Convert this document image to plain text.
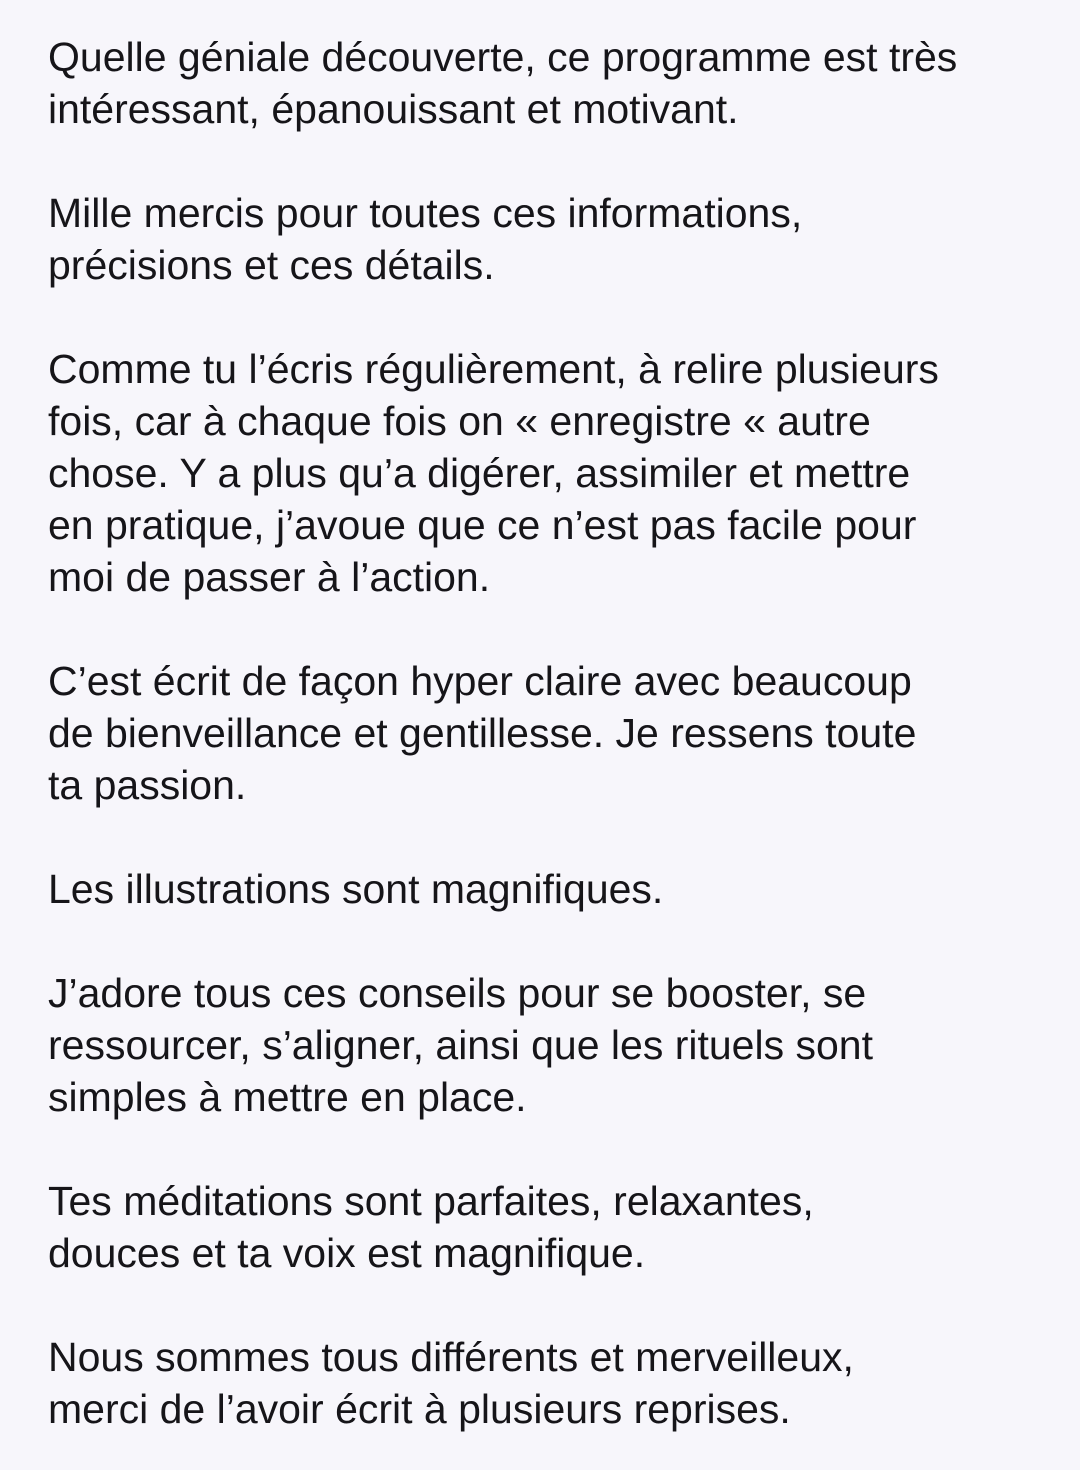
Quelle géniale découverte, ce programme est très
intéressant, épanouissant et motivant.

Mille mercis pour toutes ces informations,
précisions et ces détails.

Comme tu l’écris régulièrement, à relire plusieurs
fois, car à chaque fois on « enregistre « autre
chose. Y a plus qu’a digérer, assimiler et mettre
en pratique, j’avoue que ce n’est pas facile pour
moi de passer à l’action.

C’est écrit de façon hyper claire avec beaucoup
de bienveillance et gentillesse. Je ressens toute
ta passion.

Les illustrations sont magnifiques.

J’adore tous ces conseils pour se booster, se
ressourcer, s’aligner, ainsi que les rituels sont
simples à mettre en place.

Tes méditations sont parfaites, relaxantes,
douces et ta voix est magnifique.

Nous sommes tous différents et merveilleux,
merci de l’avoir écrit à plusieurs reprises.
